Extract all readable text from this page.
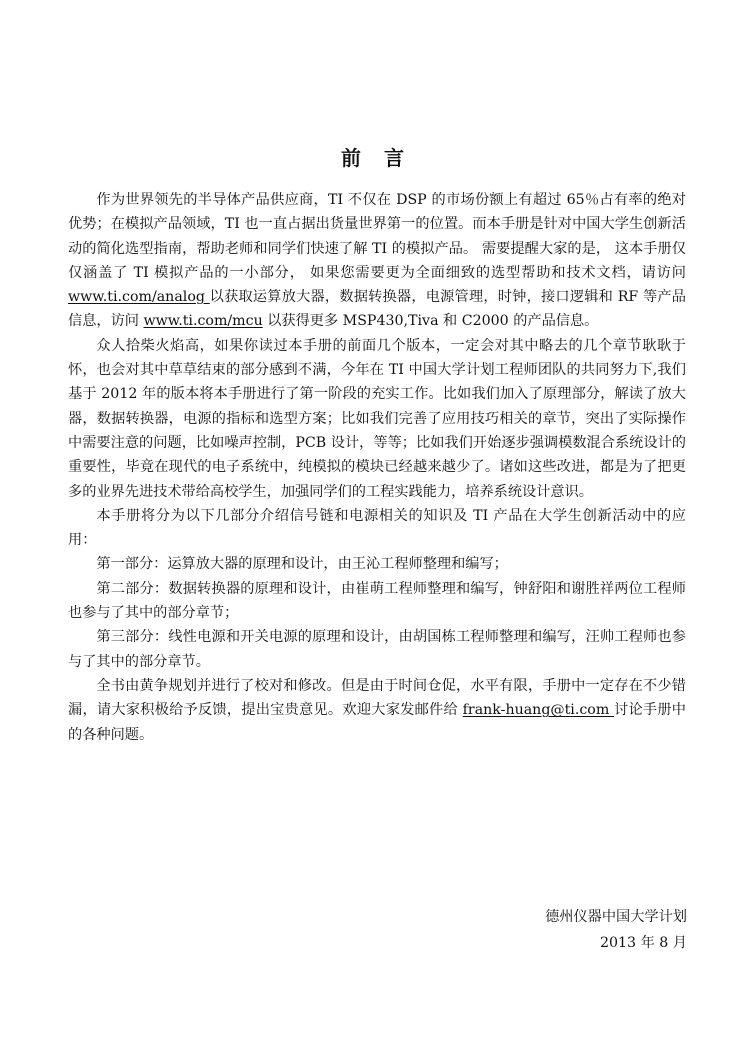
前 言

作为世界领先的半导体产品供应商，TI 不仅在 DSP 的市场份额上有超过 65％占有率的绝对优势；在模拟产品领域，TI 也一直占据出货量世界第一的位置。而本手册是针对中国大学生创新活动的简化选型指南，帮助老师和同学们快速了解 TI 的模拟产品。 需要提醒大家的是， 这本手册仅仅涵盖了 TI 模拟产品的一小部分， 如果您需要更为全面细致的选型帮助和技术文档，请访问 www.ti.com/analog 以获取运算放大器，数据转换器，电源管理，时钟，接口逻辑和 RF 等产品信息，访问 www.ti.com/mcu 以获得更多 MSP430,Tiva 和 C2000 的产品信息。

众人拾柴火焰高，如果你读过本手册的前面几个版本，一定会对其中略去的几个章节耿耿于怀，也会对其中草草结束的部分感到不满，今年在 TI 中国大学计划工程师团队的共同努力下,我们基于 2012 年的版本将本手册进行了第一阶段的充实工作。比如我们加入了原理部分，解读了放大器，数据转换器，电源的指标和选型方案；比如我们完善了应用技巧相关的章节，突出了实际操作中需要注意的问题，比如噪声控制，PCB 设计，等等；比如我们开始逐步强调模数混合系统设计的重要性，毕竟在现代的电子系统中，纯模拟的模块已经越来越少了。诸如这些改进，都是为了把更多的业界先进技术带给高校学生，加强同学们的工程实践能力，培养系统设计意识。

本手册将分为以下几部分介绍信号链和电源相关的知识及 TI 产品在大学生创新活动中的应用：

第一部分：运算放大器的原理和设计，由王沁工程师整理和编写；

第二部分：数据转换器的原理和设计，由崔萌工程师整理和编写，钟舒阳和谢胜祥两位工程师也参与了其中的部分章节；

第三部分：线性电源和开关电源的原理和设计，由胡国栋工程师整理和编写，汪帅工程师也参与了其中的部分章节。

全书由黄争规划并进行了校对和修改。但是由于时间仓促，水平有限，手册中一定存在不少错漏，请大家积极给予反馈，提出宝贵意见。欢迎大家发邮件给 frank-huang@ti.com 讨论手册中的各种问题。

德州仪器中国大学计划
2013 年 8 月
